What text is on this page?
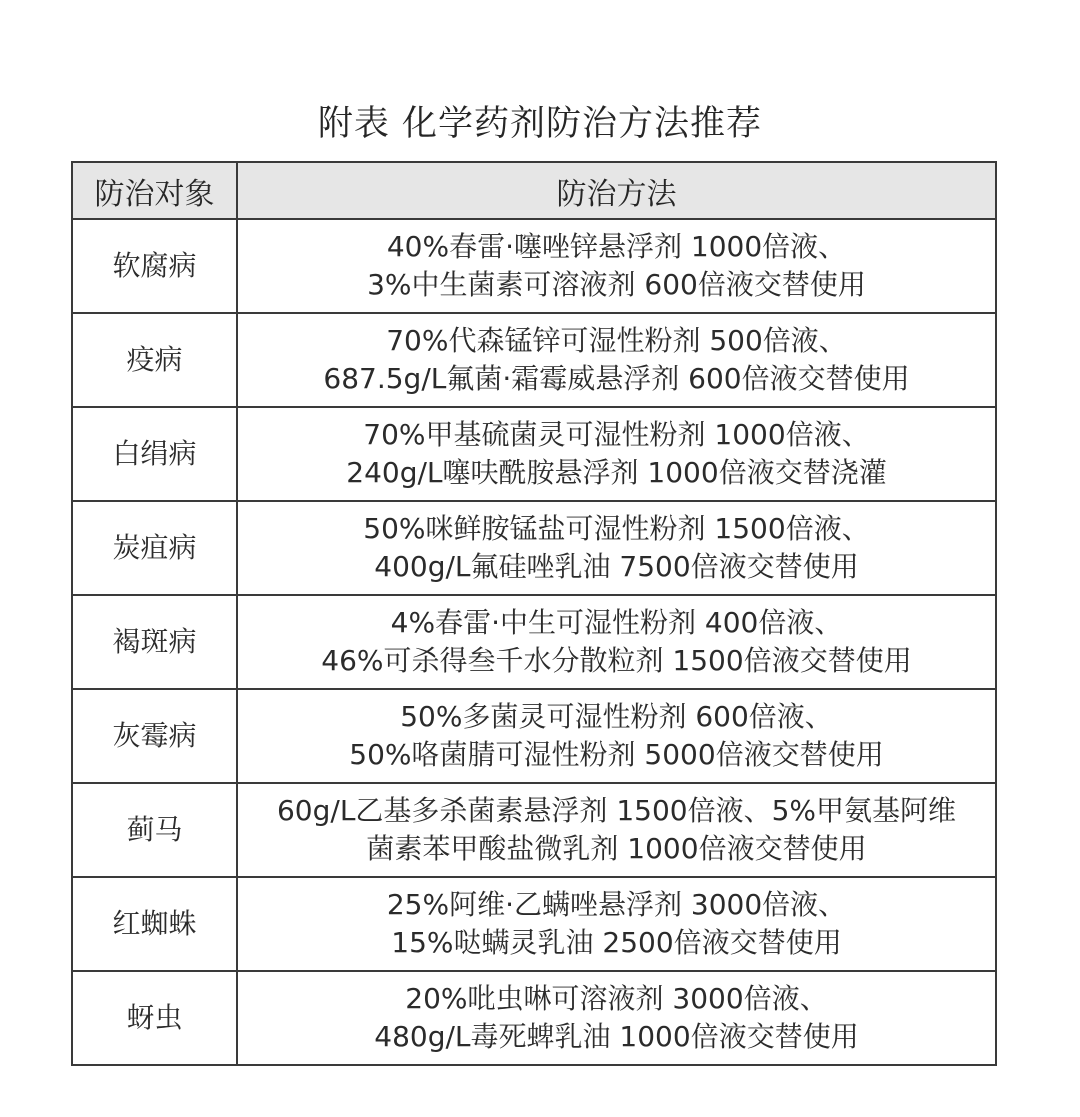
附表 化学药剂防治方法推荐
防治对象	防治方法
软腐病	40%春雷·噻唑锌悬浮剂 1000倍液、
3%中生菌素可溶液剂 600倍液交替使用

疫病	70%代森锰锌可湿性粉剂 500倍液、
687.5g/L氟菌·霜霉威悬浮剂 600倍液交替使用

白绢病	70%甲基硫菌灵可湿性粉剂 1000倍液、
240g/L噻呋酰胺悬浮剂 1000倍液交替浇灌

炭疽病	50%咪鲜胺锰盐可湿性粉剂 1500倍液、
400g/L氟硅唑乳油 7500倍液交替使用

褐斑病	4%春雷·中生可湿性粉剂 400倍液、
46%可杀得叁千水分散粒剂 1500倍液交替使用

灰霉病	50%多菌灵可湿性粉剂 600倍液、
50%咯菌腈可湿性粉剂 5000倍液交替使用

蓟马	60g/L乙基多杀菌素悬浮剂 1500倍液、5%甲氨基阿维
菌素苯甲酸盐微乳剂 1000倍液交替使用

红蜘蛛	25%阿维·乙螨唑悬浮剂 3000倍液、
15%哒螨灵乳油 2500倍液交替使用

蚜虫	20%吡虫啉可溶液剂 3000倍液、
480g/L毒死蜱乳油 1000倍液交替使用
